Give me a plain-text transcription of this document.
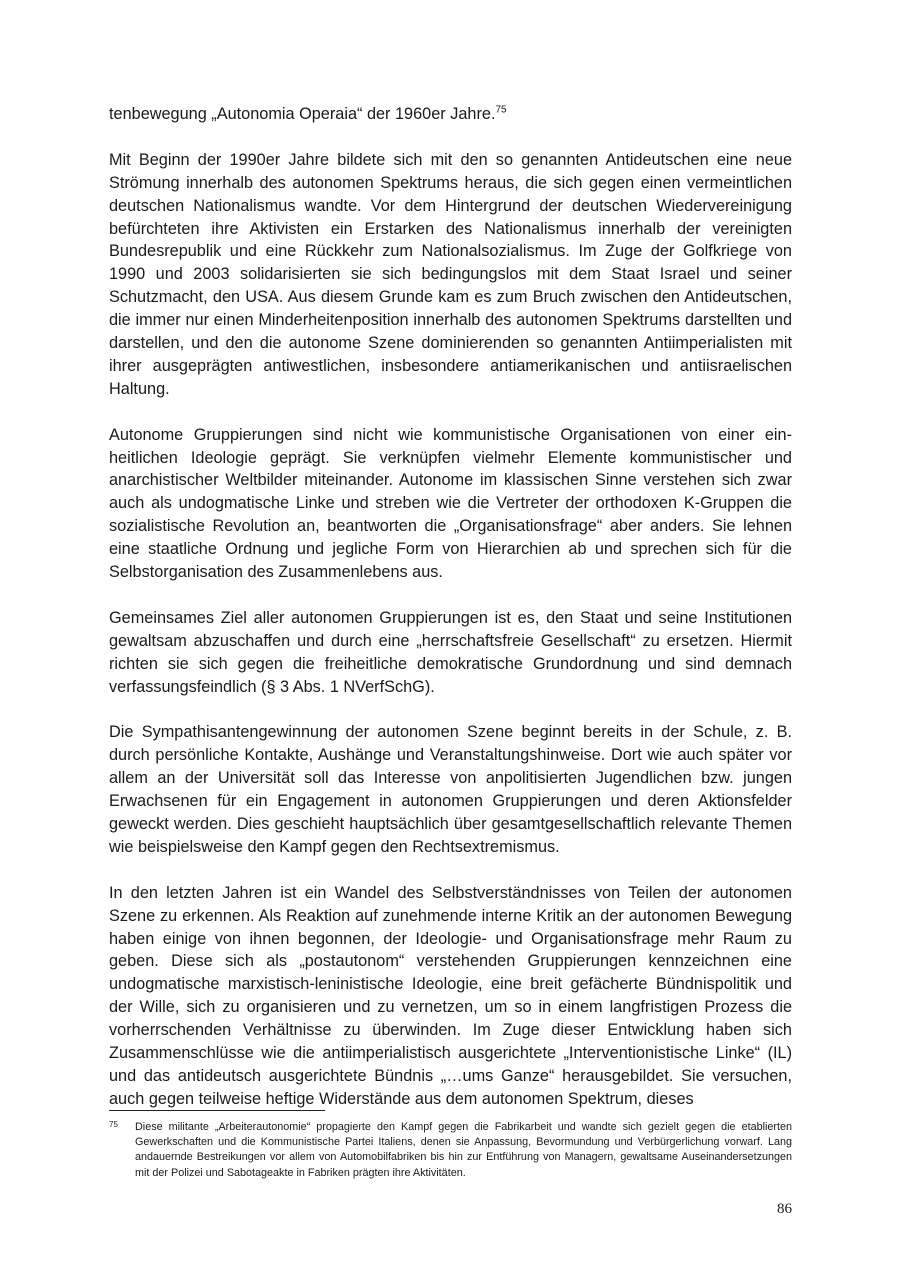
tenbewegung „Autonomia Operaia“ der 1960er Jahre.$^{75}$

Mit Beginn der 1990er Jahre bildete sich mit den so genannten Antideutschen eine neue Strömung innerhalb des autonomen Spektrums heraus, die sich gegen einen vermeintlichen deutschen Nationalismus wandte. Vor dem Hintergrund der deutschen Wiedervereinigung befürchteten ihre Aktivisten ein Erstarken des Nationalismus innerhalb der vereinigten Bundesrepublik und eine Rückkehr zum Nationalsozialismus. Im Zuge der Golfkriege von 1990 und 2003 solidarisierten sie sich bedingungslos mit dem Staat Israel und seiner Schutzmacht, den USA. Aus diesem Grunde kam es zum Bruch zwischen den Antideutschen, die immer nur einen Minderheitenposition innerhalb des autonomen Spektrums darstellten und darstellen, und den die autonome Szene dominierenden so genannten Antiimperialisten mit ihrer ausgeprägten antiwestlichen, insbesondere antiamerikanischen und antiisraelischen Haltung.

Autonome Gruppierungen sind nicht wie kommunistische Organisationen von einer einheitlichen Ideologie geprägt. Sie verknüpfen vielmehr Elemente kommunistischer und anarchistischer Weltbilder miteinander. Autonome im klassischen Sinne verstehen sich zwar auch als undogmatische Linke und streben wie die Vertreter der orthodoxen K-Gruppen die sozialistische Revolution an, beantworten die „Organisationsfrage“ aber anders. Sie lehnen eine staatliche Ordnung und jegliche Form von Hierarchien ab und sprechen sich für die Selbstorganisation des Zusammenlebens aus.

Gemeinsames Ziel aller autonomen Gruppierungen ist es, den Staat und seine Institutionen gewaltsam abzuschaffen und durch eine „herrschaftsfreie Gesellschaft“ zu ersetzen. Hiermit richten sie sich gegen die freiheitliche demokratische Grundordnung und sind demnach verfassungsfeindlich (§ 3 Abs. 1 NVerfSchG).

Die Sympathisantengewinnung der autonomen Szene beginnt bereits in der Schule, z. B. durch persönliche Kontakte, Aushänge und Veranstaltungshinweise. Dort wie auch später vor allem an der Universität soll das Interesse von anpolitisierten Jugendlichen bzw. jungen Erwachsenen für ein Engagement in autonomen Gruppierungen und deren Aktionsfelder geweckt werden. Dies geschieht hauptsächlich über gesamtgesellschaftlich relevante Themen wie beispielsweise den Kampf gegen den Rechtsextremismus.

In den letzten Jahren ist ein Wandel des Selbstverständnisses von Teilen der autonomen Szene zu erkennen. Als Reaktion auf zunehmende interne Kritik an der autonomen Bewegung haben einige von ihnen begonnen, der Ideologie- und Organisationsfrage mehr Raum zu geben. Diese sich als „postautonom“ verstehenden Gruppierungen kennzeichnen eine undogmatische marxistisch-leninistische Ideologie, eine breit gefächerte Bündnispolitik und der Wille, sich zu organisieren und zu vernetzen, um so in einem langfristigen Prozess die vorherrschenden Verhältnisse zu überwinden. Im Zuge dieser Entwicklung haben sich Zusammenschlüsse wie die antiimperialistisch ausgerichtete „Interventionistische Linke“ (IL) und das antideutsch ausgerichtete Bündnis „…ums Ganze“ herausgebildet. Sie versuchen, auch gegen teilweise heftige Widerstände aus dem autonomen Spektrum, dieses

75 Diese militante „Arbeiterautonomie“ propagierte den Kampf gegen die Fabrikarbeit und wandte sich gezielt gegen die etablierten Gewerkschaften und die Kommunistische Partei Italiens, denen sie Anpassung, Bevormundung und Verbürgerlichung vorwarf. Lang andauernde Bestreikungen vor allem von Automobilfabriken bis hin zur Entführung von Managern, gewaltsame Auseinandersetzungen mit der Polizei und Sabotageakte in Fabriken prägten ihre Aktivitäten.
86
